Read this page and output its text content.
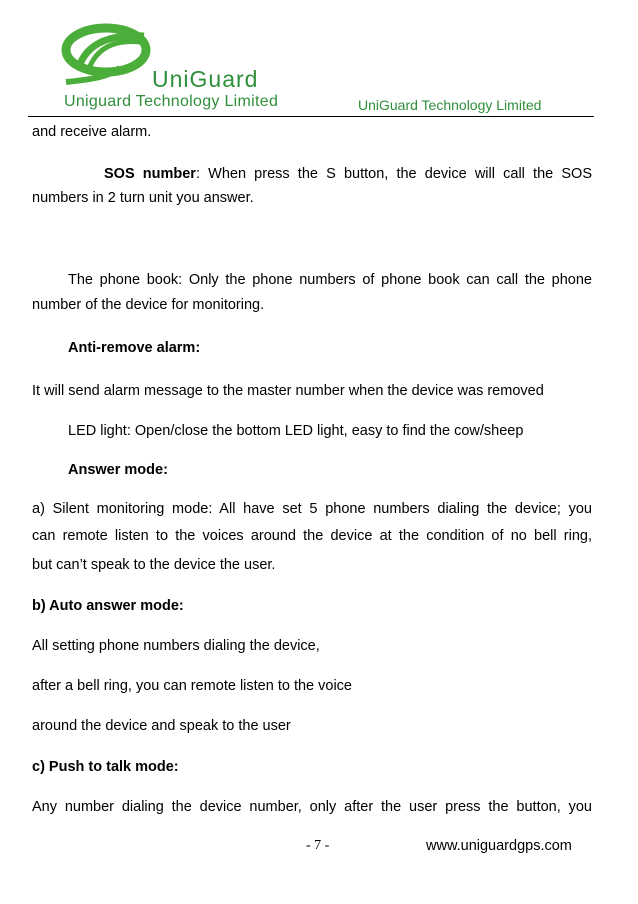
UniGuard
Uniguard Technology Limited	UniGuard Technology Limited
and receive alarm.
SOS number: When press the S button, the device will call the SOS
numbers in 2 turn unit you answer.
The phone book: Only the phone numbers of phone book can call the phone
number of the device for monitoring.
Anti-remove alarm:
It will send alarm message to the master number when the device was removed
LED light: Open/close the bottom LED light, easy to find the cow/sheep
Answer mode:
a) Silent monitoring mode: All have set 5 phone numbers dialing the device; you
can remote listen to the voices around the device at the condition of no bell ring,
but can’t speak to the device the user.
b) Auto answer mode:
All setting phone numbers dialing the device,
after a bell ring, you can remote listen to the voice
around the device and speak to the user
c) Push to talk mode:
Any number dialing the device number, only after the user press the button, you
- 7 -	www.uniguardgps.com
